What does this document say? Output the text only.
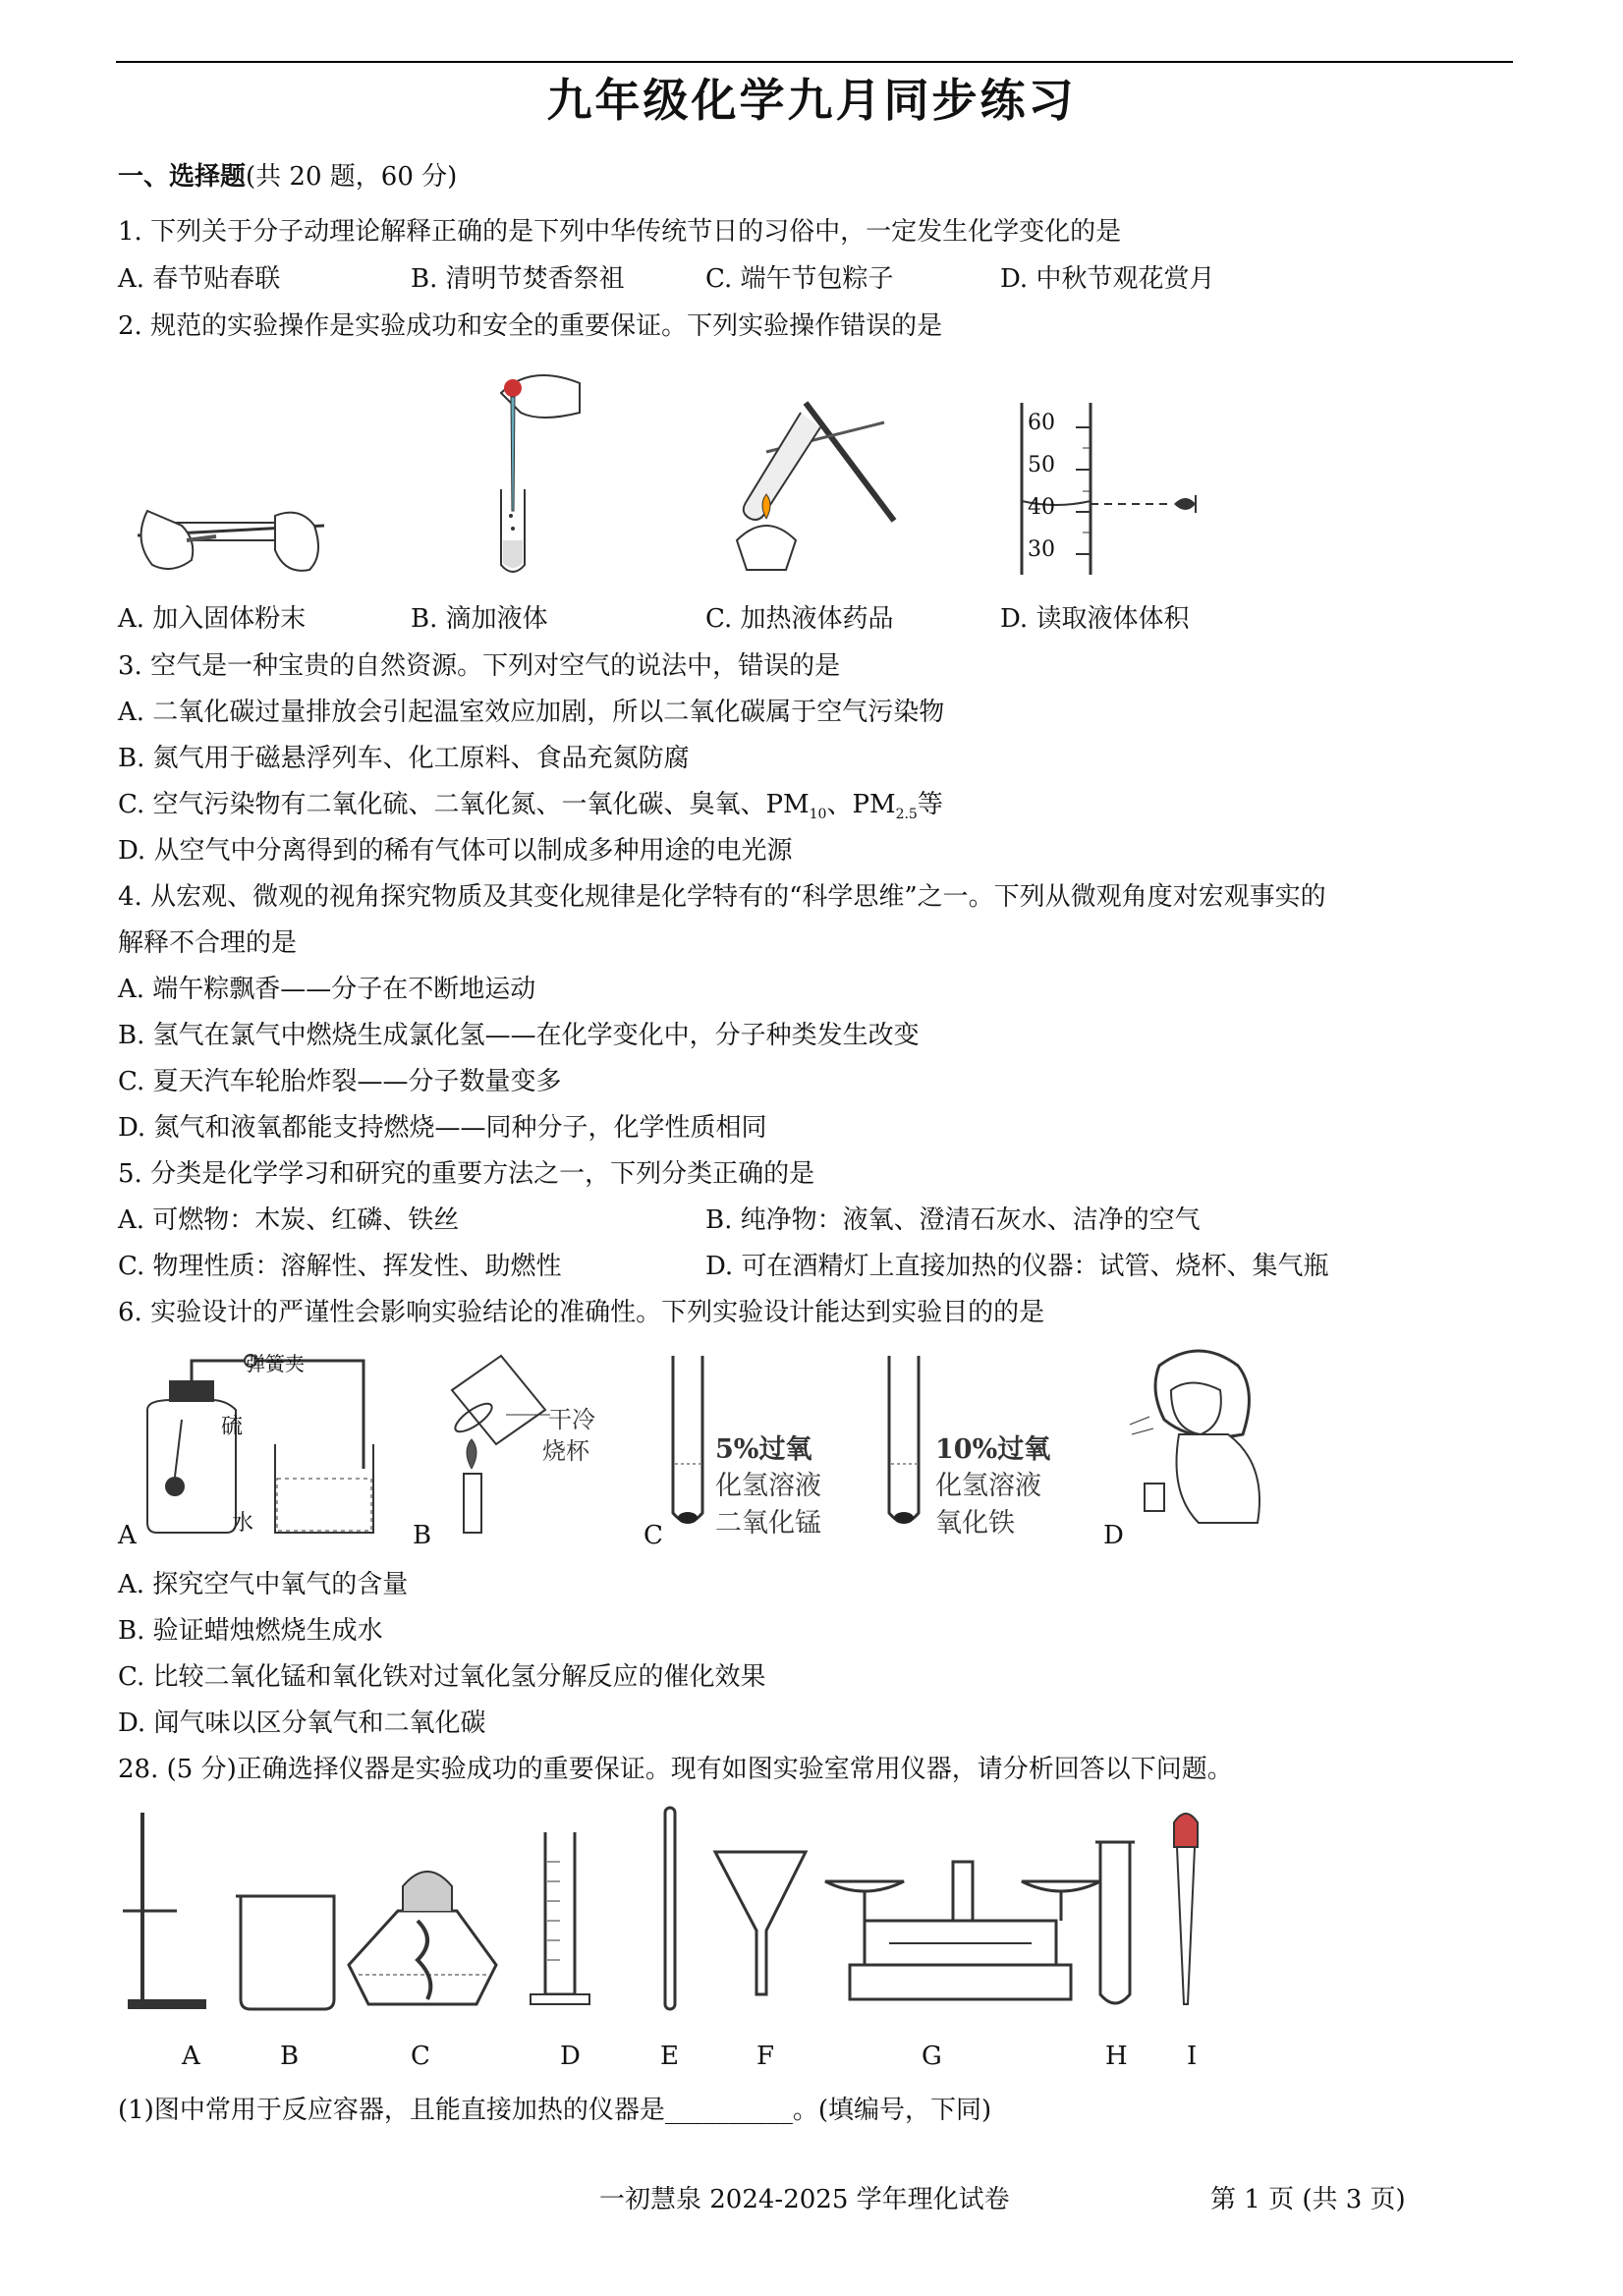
九年级化学九月同步练习
一、选择题(共 20 题，60 分)
1. 下列关于分子动理论解释正确的是下列中华传统节日的习俗中，一定发生化学变化的是
A. 春节贴春联	B. 清明节焚香祭祖	C. 端午节包粽子	D. 中秋节观花赏月
2. 规范的实验操作是实验成功和安全的重要保证。下列实验操作错误的是
60
50
40
30
A. 加入固体粉末	B. 滴加液体	C. 加热液体药品	D. 读取液体体积
3. 空气是一种宝贵的自然资源。下列对空气的说法中，错误的是
A. 二氧化碳过量排放会引起温室效应加剧，所以二氧化碳属于空气污染物
B. 氮气用于磁悬浮列车、化工原料、食品充氮防腐
C. 空气污染物有二氧化硫、二氧化氮、一氧化碳、臭氧、$PM_{10}$、$PM_{2.5}$等
D. 从空气中分离得到的稀有气体可以制成多种用途的电光源
4. 从宏观、微观的视角探究物质及其变化规律是化学特有的“科学思维”之一。下列从微观角度对宏观事实的
解释不合理的是
A. 端午粽飘香——分子在不断地运动
B. 氢气在氯气中燃烧生成氯化氢——在化学变化中，分子种类发生改变
C. 夏天汽车轮胎炸裂——分子数量变多
D. 氮气和液氧都能支持燃烧——同种分子，化学性质相同
5. 分类是化学学习和研究的重要方法之一，下列分类正确的是
A. 可燃物：木炭、红磷、铁丝	B. 纯净物：液氧、澄清石灰水、洁净的空气
C. 物理性质：溶解性、挥发性、助燃性	D. 可在酒精灯上直接加热的仪器：试管、烧杯、集气瓶
6. 实验设计的严谨性会影响实验结论的准确性。下列实验设计能达到实验目的的是
弹簧夹
硫
水
干冷
烧杯	5%过氧
化氢溶液
二氧化锰
10%过氧
化氢溶液
氧化铁
A	B	C	D
A. 探究空气中氧气的含量
B. 验证蜡烛燃烧生成水
C. 比较二氧化锰和氧化铁对过氧化氢分解反应的催化效果
D. 闻气味以区分氧气和二氧化碳
28. (5 分)正确选择仪器是实验成功的重要保证。现有如图实验室常用仪器，请分析回答以下问题。
A	B	C	D	E	F	G	H I
(1)图中常用于反应容器，且能直接加热的仪器是__________。(填编号，下同)
一初慧泉 2024-2025 学年理化试卷	第 1 页 (共 3 页)
